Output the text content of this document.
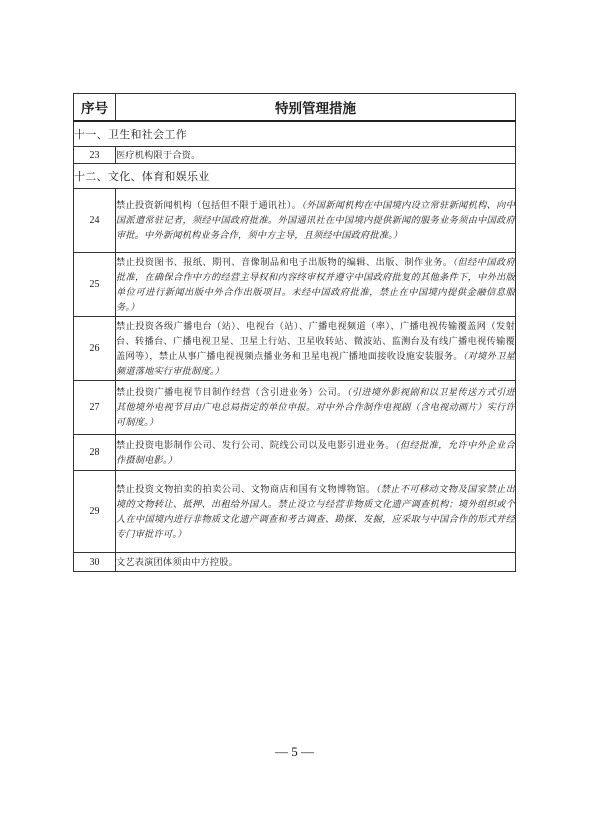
序号	特别管理措施
十一、卫生和社会工作	
23	医疗机构限于合资。
十二、文化、体育和娱乐业	
24	禁止投资新闻机构（包括但不限于通讯社）。（外国新闻机构在中国境内设立常驻新闻机构、向中国派遣常驻记者，须经中国政府批准。外国通讯社在中国境内提供新闻的服务业务须由中国政府审批。中外新闻机构业务合作，须中方主导，且须经中国政府批准。）
25	禁止投资图书、报纸、期刊、音像制品和电子出版物的编辑、出版、制作业务。（但经中国政府批准，在确保合作中方的经营主导权和内容终审权并遵守中国政府批复的其他条件下，中外出版单位可进行新闻出版中外合作出版项目。未经中国政府批准，禁止在中国境内提供金融信息服务。）
26	禁止投资各级广播电台（站）、电视台（站）、广播电视频道（率）、广播电视传输覆盖网（发射台、转播台、广播电视卫星、卫星上行站、卫星收转站、微波站、监测台及有线广播电视传输覆盖网等），禁止从事广播电视视频点播业务和卫星电视广播地面接收设施安装服务。（对境外卫星频道落地实行审批制度。）
27	禁止投资广播电视节目制作经营（含引进业务）公司。（引进境外影视剧和以卫星传送方式引进其他境外电视节目由广电总局指定的单位申报。对中外合作制作电视剧（含电视动画片）实行许可制度。）
28	禁止投资电影制作公司、发行公司、院线公司以及电影引进业务。（但经批准，允许中外企业合作摄制电影。）
29	禁止投资文物拍卖的拍卖公司、文物商店和国有文物博物馆。（禁止不可移动文物及国家禁止出境的文物转让、抵押、出租给外国人。禁止设立与经营非物质文化遗产调查机构；境外组织或个人在中国境内进行非物质文化遗产调查和考古调查、勘探、发掘，应采取与中国合作的形式并经专门审批许可。）
30	文艺表演团体须由中方控股。
— 5 —
